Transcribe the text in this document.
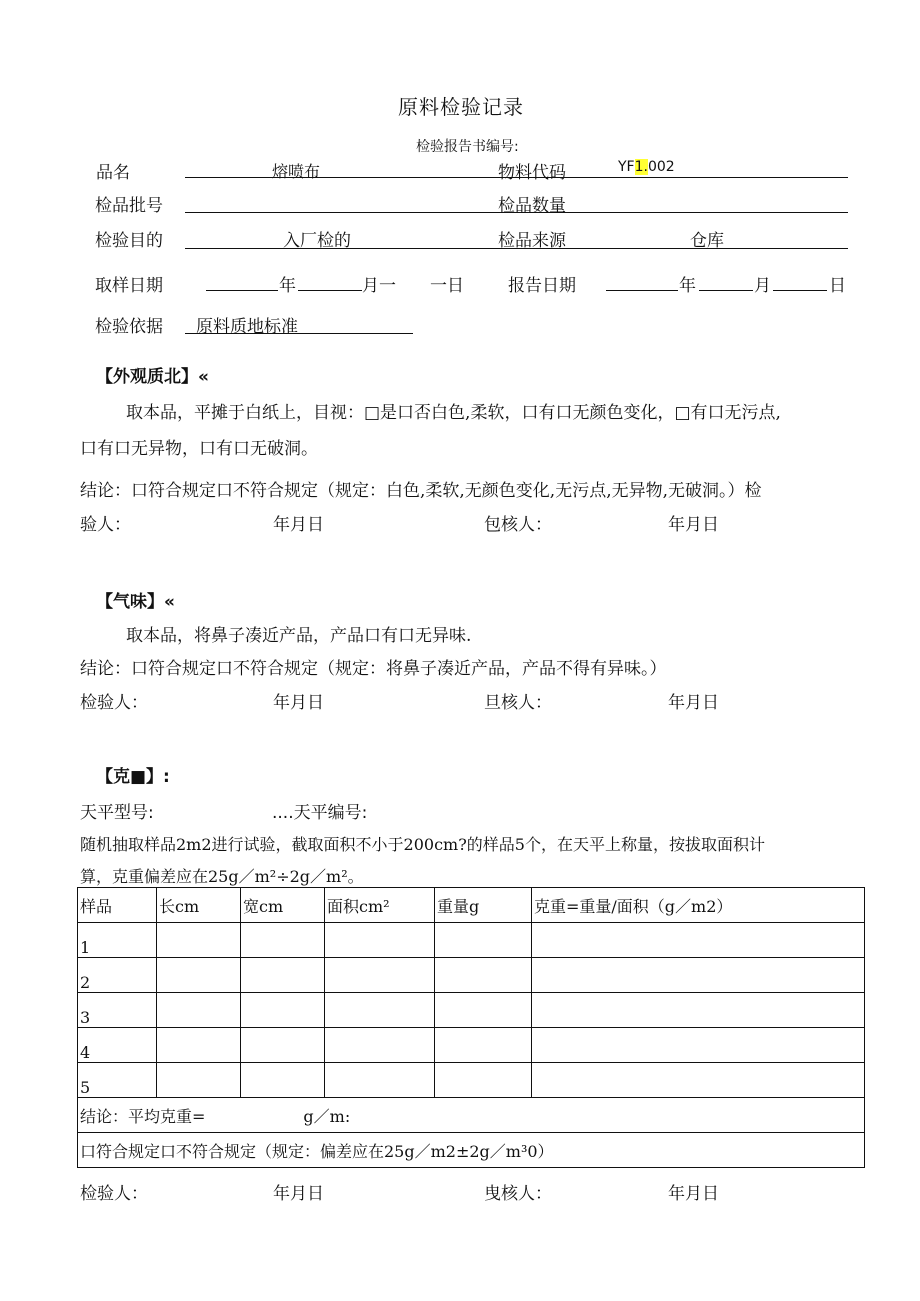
原料检验记录
检验报告书编号:
品名	熔喷布	物料代码	YF1.002
检品批号	检品数量
检验目的	入厂检的	检品来源	仓库
取样日期	年	月一 一日	报告日期	年	月	日
检验依据 原料质地标准
【外观质北】«
取本品，平摊于白纸上，目视：□是口否白色,柔软，口有口无颜色变化，□有口无污点,
口有口无异物，口有口无破洞。
结论：口符合规定口不符合规定（规定：白色,柔软,无颜色变化,无污点,无异物,无破洞。）检
验人：	年月日	包核人：	年月日
【气味】«
取本品，将鼻子凑近产品，产品口有口无异味.
结论：口符合规定口不符合规定（规定：将鼻子凑近产品，产品不得有异味。）
检验人：	年月日	旦核人：	年月日
【克■】:
天平型号:	....天平编号:
随机抽取样品2m2进行试验，截取面积不小于200cm?的样品5个，在天平上称量，按拔取面积计
算，克重偏差应在25g／m²÷2g／m²。
样品	长cm	宽cm	面积cm²	重量g	克重=重量/面积（g／m2）
1					
2					
3					
4					
5					
结论：平均克重= g／m:					
口符合规定口不符合规定（规定：偏差应在25g／m2±2g／m³0）					
检验人：	年月日	曳核人：	年月日
